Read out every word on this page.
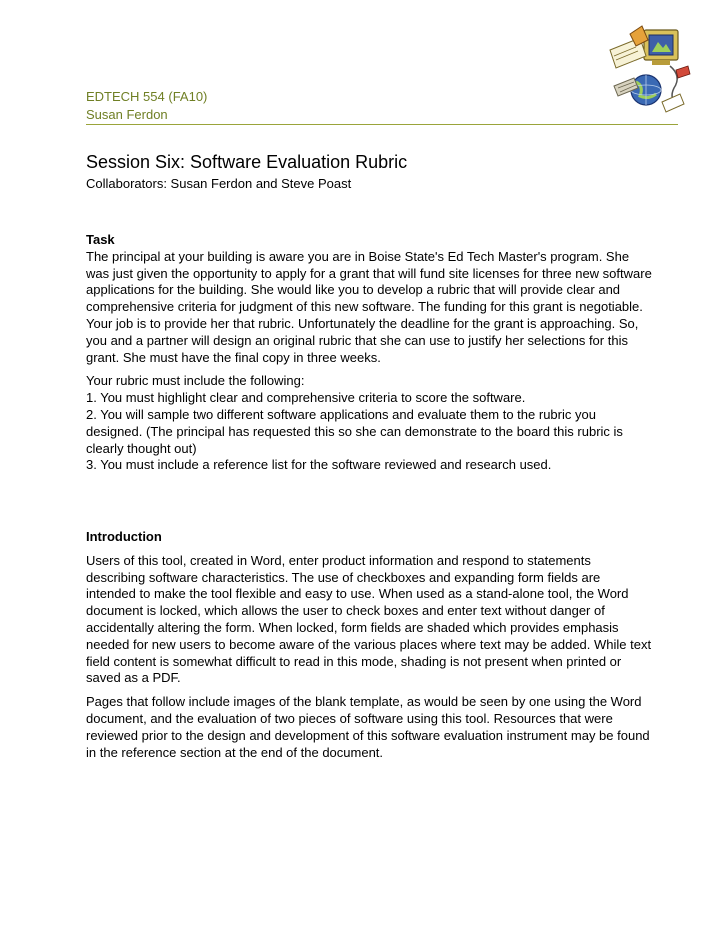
EDTECH 554 (FA10)
Susan Ferdon
Session Six: Software Evaluation Rubric
Collaborators: Susan Ferdon and Steve Poast
Task

The principal at your building is aware you are in Boise State's Ed Tech Master's program. She was just given the opportunity to apply for a grant that will fund site licenses for three new software applications for the building. She would like you to develop a rubric that will provide clear and comprehensive criteria for judgment of this new software. The funding for this grant is negotiable. Your job is to provide her that rubric. Unfortunately the deadline for the grant is approaching. So, you and a partner will design an original rubric that she can use to justify her selections for this grant. She must have the final copy in three weeks.

Your rubric must include the following:

1. You must highlight clear and comprehensive criteria to score the software.

2. You will sample two different software applications and evaluate them to the rubric you designed. (The principal has requested this so she can demonstrate to the board this rubric is clearly thought out)

3. You must include a reference list for the software reviewed and research used.

Introduction

Users of this tool, created in Word, enter product information and respond to statements describing software characteristics. The use of checkboxes and expanding form fields are intended to make the tool flexible and easy to use. When used as a stand-alone tool, the Word document is locked, which allows the user to check boxes and enter text without danger of accidentally altering the form. When locked, form fields are shaded which provides emphasis needed for new users to become aware of the various places where text may be added. While text field content is somewhat difficult to read in this mode, shading is not present when printed or saved as a PDF.

Pages that follow include images of the blank template, as would be seen by one using the Word document, and the evaluation of two pieces of software using this tool. Resources that were reviewed prior to the design and development of this software evaluation instrument may be found in the reference section at the end of the document.
